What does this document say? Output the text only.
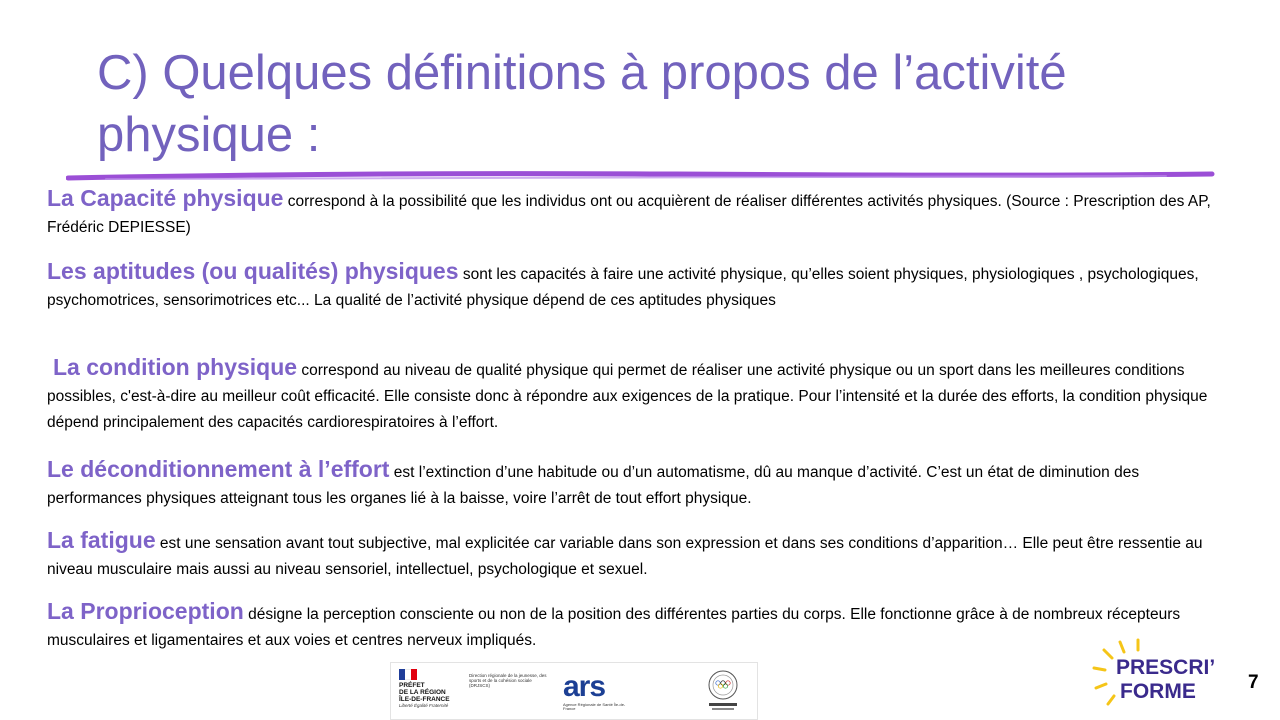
C) Quelques définitions à propos de l’activité physique :

La Capacité physique correspond à la possibilité que les individus ont ou acquièrent de réaliser différentes activités physiques. (Source : Prescription des AP, Frédéric DEPIESSE)

Les aptitudes (ou qualités) physiques sont les capacités à faire une activité physique, qu’elles soient physiques, physiologiques , psychologiques, psychomotrices, sensorimotrices etc... La qualité de l’activité physique dépend de ces aptitudes physiques

La condition physique correspond au niveau de qualité physique qui permet de réaliser une activité physique ou un sport dans les meilleures conditions possibles, c'est-à-dire au meilleur coût efficacité. Elle consiste donc à répondre aux exigences de la pratique. Pour l’intensité et la durée des efforts, la condition physique dépend principalement des capacités cardiorespiratoires à l’effort.

Le déconditionnement à l’effort est l’extinction d’une habitude ou d’un automatisme, dû au manque d’activité. C’est un état de diminution des performances physiques atteignant tous les organes lié à la baisse, voire l’arrêt de tout effort physique.

La fatigue est une sensation avant tout subjective, mal explicitée car variable dans son expression et dans ses conditions d’apparition… Elle peut être ressentie au niveau musculaire mais aussi au niveau sensoriel, intellectuel, psychologique et sexuel.

La Proprioception désigne la perception consciente ou non de la position des différentes parties du corps. Elle fonctionne grâce à de nombreux récepteurs musculaires et ligamentaires et aux voies et centres nerveux impliqués.

PRÉFET
DE LA RÉGION
ÎLE-DE-FRANCE
Liberté Égalité Fraternité
Direction régionale de la jeunesse, des sports et de la cohésion sociale (DRJSCS)	ars
Agence Régionale de Santé Île-de-France
PRESCRI’
FORME	7
